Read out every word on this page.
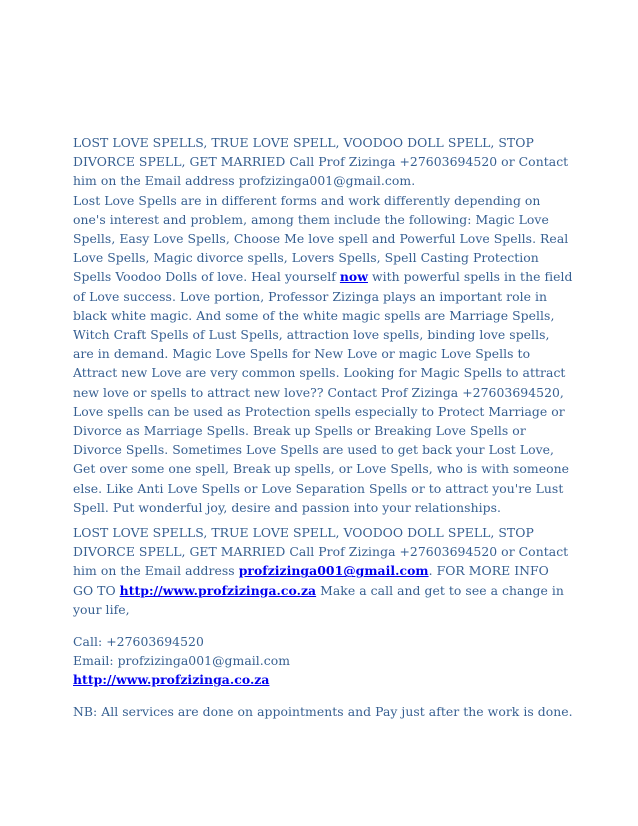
LOST LOVE SPELLS, TRUE LOVE SPELL, VOODOO DOLL SPELL, STOP DIVORCE SPELL, GET MARRIED Call Prof Zizinga +27603694520 or Contact him on the Email address profzizinga001@gmail.com.
Lost Love Spells are in different forms and work differently depending on one's interest and problem, among them include the following: Magic Love Spells, Easy Love Spells, Choose Me love spell and Powerful Love Spells. Real Love Spells, Magic divorce spells, Lovers Spells, Spell Casting Protection Spells Voodoo Dolls of love. Heal yourself now with powerful spells in the field of Love success. Love portion, Professor Zizinga plays an important role in black white magic. And some of the white magic spells are Marriage Spells, Witch Craft Spells of Lust Spells, attraction love spells, binding love spells, are in demand. Magic Love Spells for New Love or magic Love Spells to Attract new Love are very common spells. Looking for Magic Spells to attract new love or spells to attract new love?? Contact Prof Zizinga +27603694520, Love spells can be used as Protection spells especially to Protect Marriage or Divorce as Marriage Spells. Break up Spells or Breaking Love Spells or Divorce Spells. Sometimes Love Spells are used to get back your Lost Love, Get over some one spell, Break up spells, or Love Spells, who is with someone else. Like Anti Love Spells or Love Separation Spells or to attract you're Lust Spell. Put wonderful joy, desire and passion into your relationships.

LOST LOVE SPELLS, TRUE LOVE SPELL, VOODOO DOLL SPELL, STOP DIVORCE SPELL, GET MARRIED Call Prof Zizinga +27603694520 or Contact him on the Email address profzizinga001@gmail.com. FOR MORE INFO GO TO http://www.profzizinga.co.za Make a call and get to see a change in your life,

Call: +27603694520
Email: profzizinga001@gmail.com
http://www.profzizinga.co.za

NB: All services are done on appointments and Pay just after the work is done.
